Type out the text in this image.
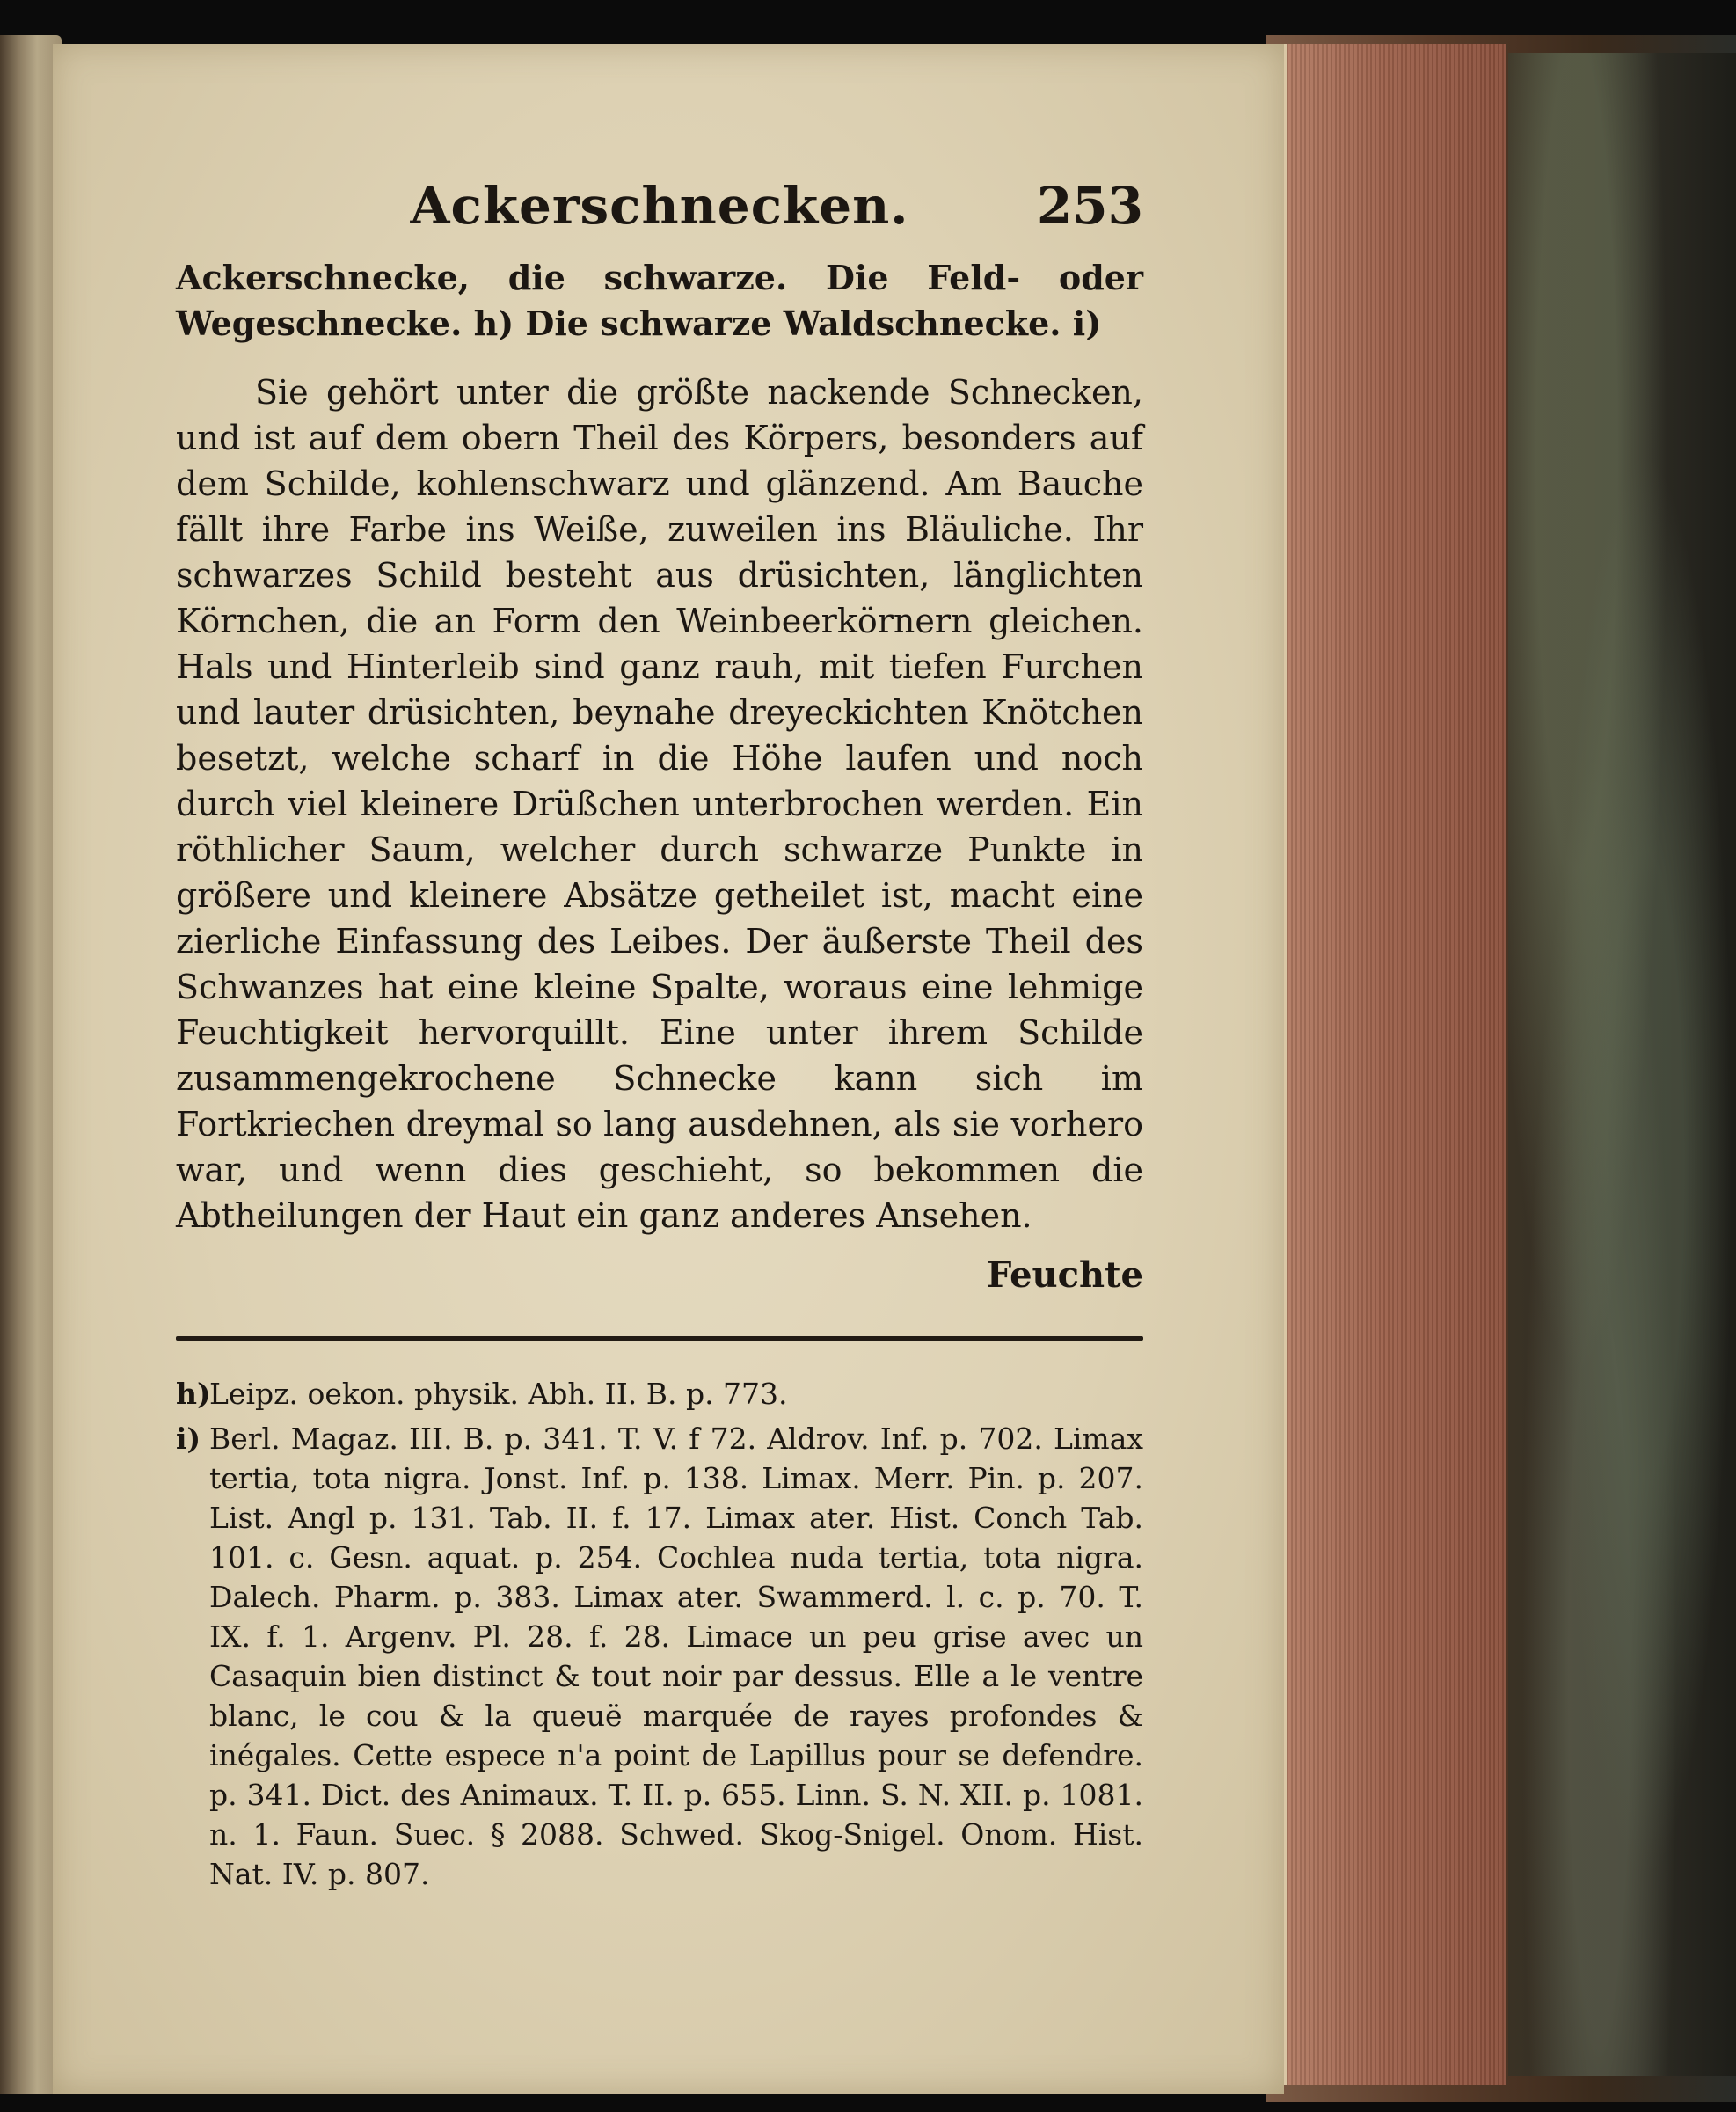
Ackerschnecken.	253

Ackerschnecke, die schwarze. Die Feld- oder Wegeschnecke. h) Die schwarze Waldschnecke. i)

Sie gehört unter die größte nackende Schnecken, und ist auf dem obern Theil des Körpers, besonders auf dem Schilde, kohlenschwarz und glänzend. Am Bauche fällt ihre Farbe ins Weiße, zuweilen ins Bläuliche. Ihr schwarzes Schild besteht aus drüsichten, länglichten Körnchen, die an Form den Weinbeerkörnern gleichen. Hals und Hinterleib sind ganz rauh, mit tiefen Furchen und lauter drüsichten, beynahe dreyeckichten Knötchen besetzt, welche scharf in die Höhe laufen und noch durch viel kleinere Drüßchen unterbrochen werden. Ein röthlicher Saum, welcher durch schwarze Punkte in größere und kleinere Absätze getheilet ist, macht eine zierliche Einfassung des Leibes. Der äußerste Theil des Schwanzes hat eine kleine Spalte, woraus eine lehmige Feuchtigkeit hervorquillt. Eine unter ihrem Schilde zusammengekrochene Schnecke kann sich im Fortkriechen dreymal so lang ausdehnen, als sie vorhero war, und wenn dies geschieht, so bekommen die Abtheilungen der Haut ein ganz anderes Ansehen.

Feuchte
h)
Leipz. oekon. physik. Abh. II. B. p. 773.
i) Berl. Magaz. III. B. p. 341. T. V. f 72. Aldrov. Inf. p. 702. Limax tertia, tota nigra. Jonst. Inf. p. 138. Limax. Merr. Pin. p. 207. List. Angl p. 131. Tab. II. f. 17. Limax ater. Hist. Conch Tab. 101. c. Gesn. aquat. p. 254. Cochlea nuda tertia, tota nigra. Dalech. Pharm. p. 383. Limax ater. Swammerd. l. c. p. 70. T. IX. f. 1. Argenv. Pl. 28. f. 28. Limace un peu grise avec un Casaquin bien distinct & tout noir par dessus. Elle a le ventre blanc, le cou & la queuë marquée de rayes profondes & inégales. Cette espece n'a point de Lapillus pour se defendre. p. 341. Dict. des Animaux. T. II. p. 655. Linn. S. N. XII. p. 1081. n. 1. Faun. Suec. § 2088. Schwed. Skog-Snigel. Onom. Hist. Nat. IV. p. 807.
